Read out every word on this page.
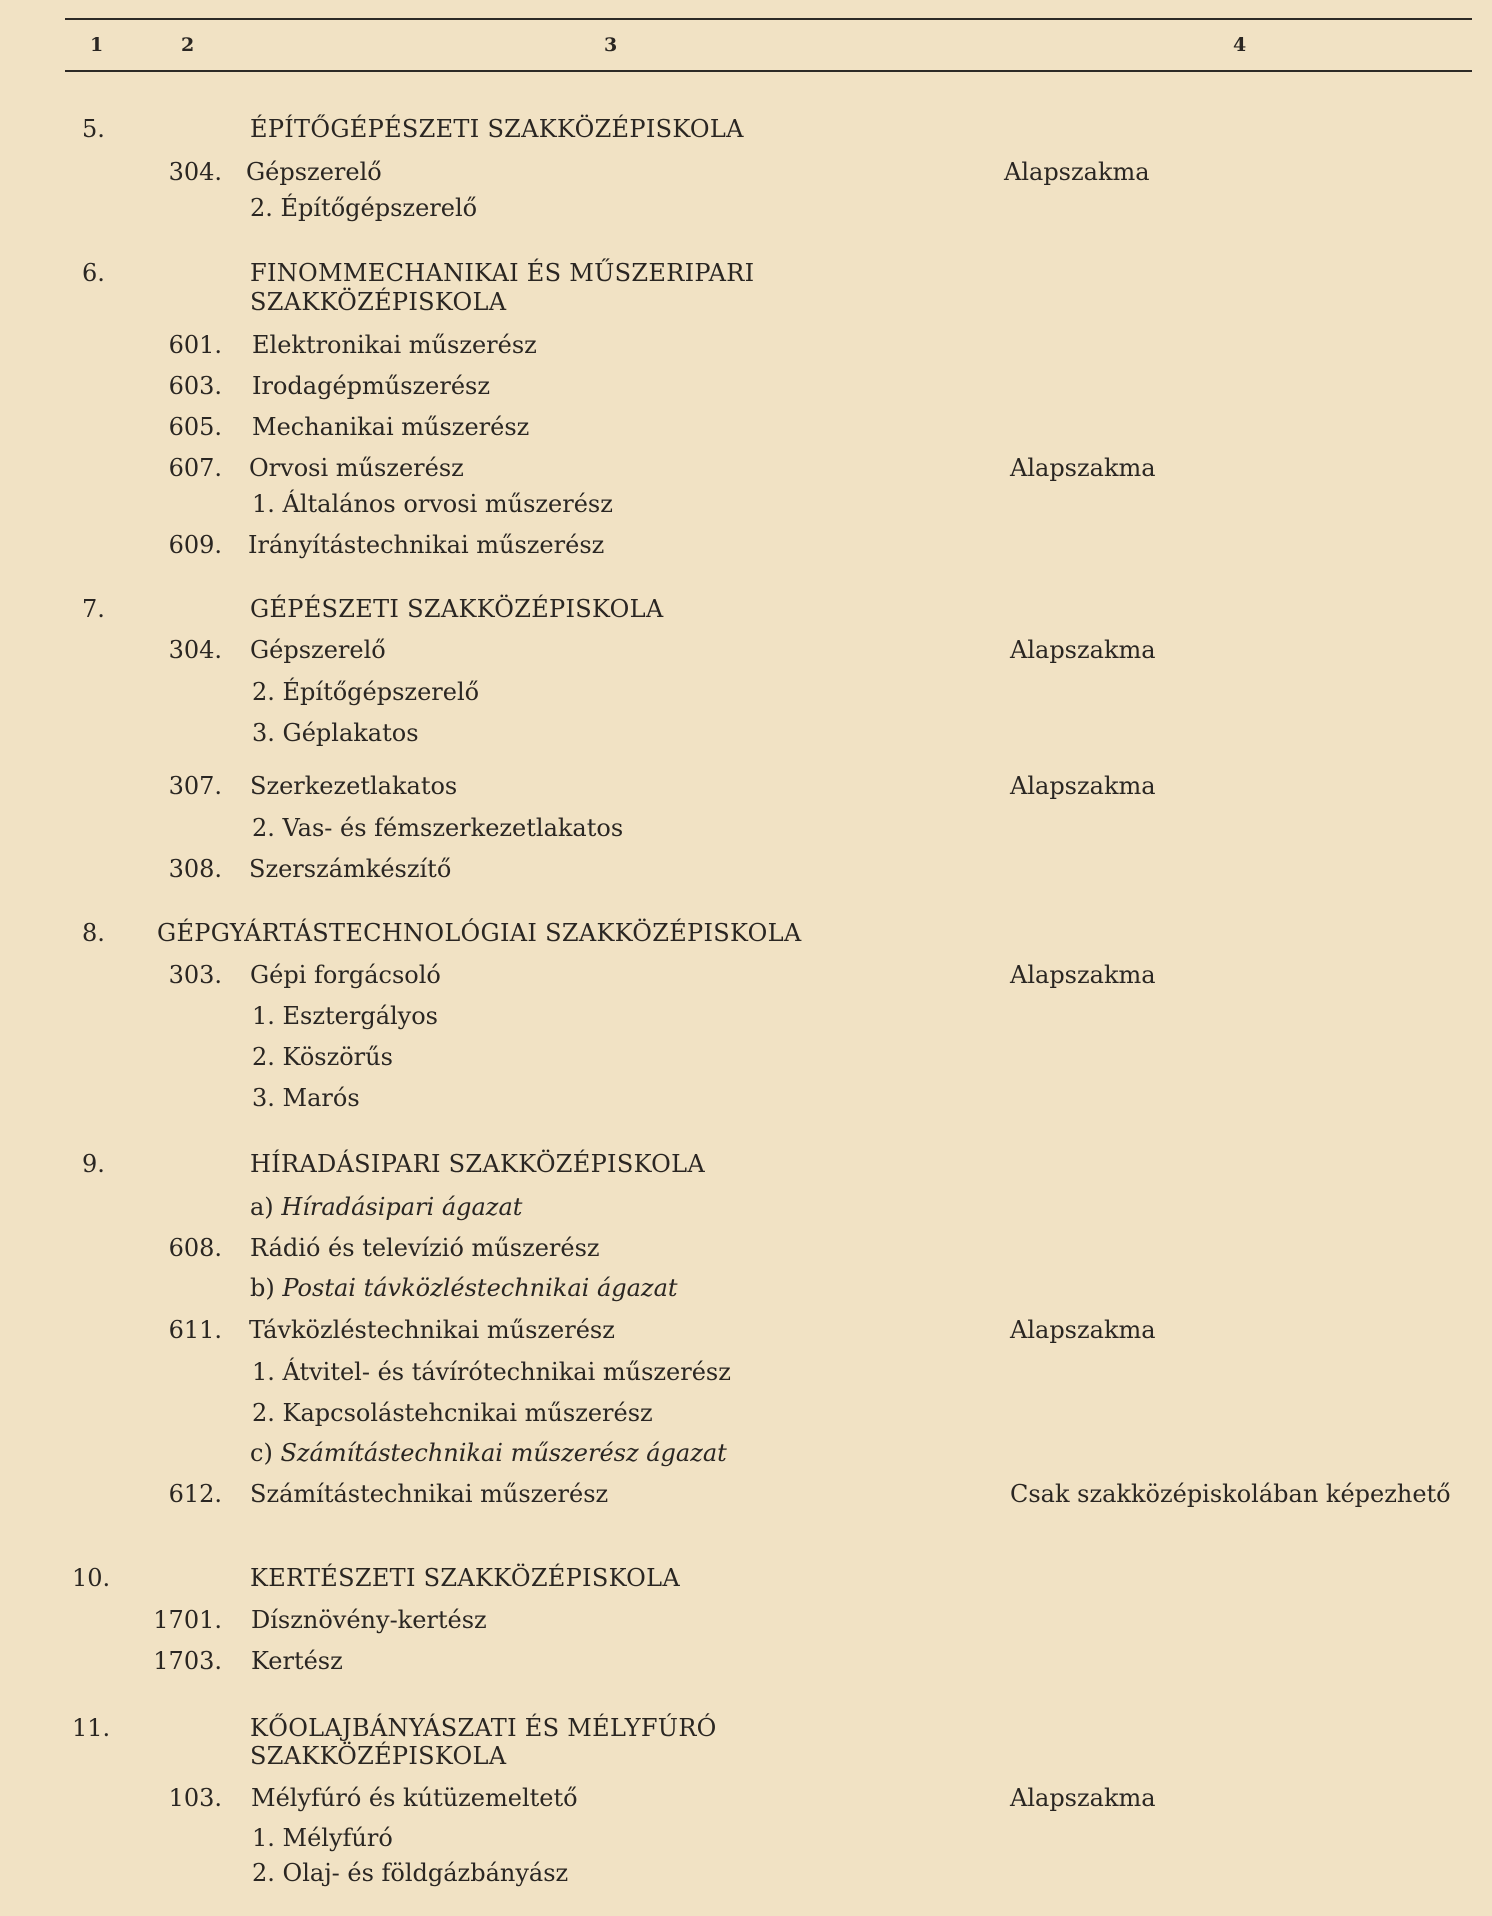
1	2	3	4
5.	ÉPÍTŐGÉPÉSZETI SZAKKÖZÉPISKOLA
304. Gépszerelő	Alapszakma
2. Építőgépszerelő
6.	FINOMMECHANIKAI ÉS MŰSZERIPARI
SZAKKÖZÉPISKOLA
601. Elektronikai műszerész
603. Irodagépműszerész
605. Mechanikai műszerész
607. Orvosi műszerész	Alapszakma
1. Általános orvosi műszerész
609. Irányítástechnikai műszerész
7.	GÉPÉSZETI SZAKKÖZÉPISKOLA
304. Gépszerelő	Alapszakma
2. Építőgépszerelő
3. Géplakatos
307. Szerkezetlakatos	Alapszakma
2. Vas- és fémszerkezetlakatos
308. Szerszámkészítő
8. GÉPGYÁRTÁSTECHNOLÓGIAI SZAKKÖZÉPISKOLA
303. Gépi forgácsoló	Alapszakma
1. Esztergályos
2. Köszörűs
3. Marós
9.	HÍRADÁSIPARI SZAKKÖZÉPISKOLA
a) Híradásipari ágazat
608. Rádió és televízió műszerész
b) Postai távközléstechnikai ágazat
611. Távközléstechnikai műszerész	Alapszakma
1. Átvitel- és távírótechnikai műszerész
2. Kapcsolástehcnikai műszerész
c) Számítástechnikai műszerész ágazat
612. Számítástechnikai műszerész	Csak szakközépiskolában képezhető
10.	KERTÉSZETI SZAKKÖZÉPISKOLA
1701. Dísznövény-kertész
1703. Kertész
11.	KŐOLAJBÁNYÁSZATI ÉS MÉLYFÚRÓ
SZAKKÖZÉPISKOLA
103. Mélyfúró és kútüzemeltető	Alapszakma
1. Mélyfúró
2. Olaj- és földgázbányász
